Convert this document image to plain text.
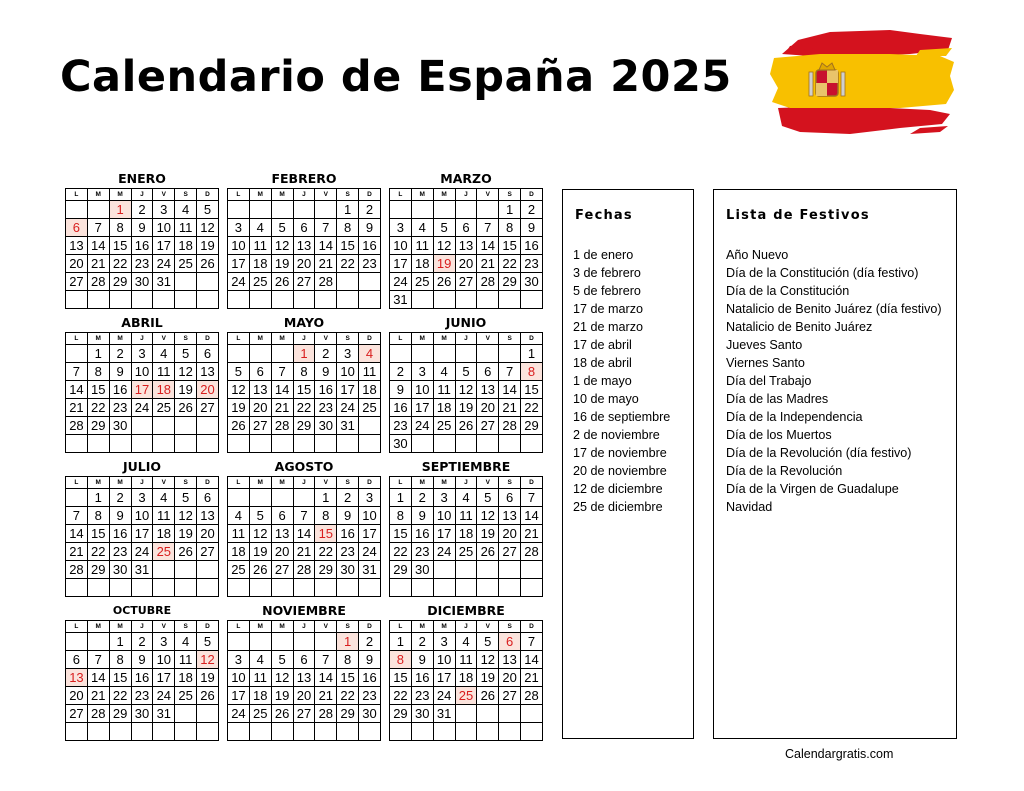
Calendario de España 2025
ENERO
L	M	M	J	V	S	D
		1	2	3	4	5
6	7	8	9	10	11	12
13	14	15	16	17	18	19
20	21	22	23	24	25	26
27	28	29	30	31		

FEBRERO
L	M	M	J	V	S	D
					1	2
3	4	5	6	7	8	9
10	11	12	13	14	15	16
17	18	19	20	21	22	23
24	25	26	27	28		

MARZO
L	M	M	J	V	S	D
					1	2
3	4	5	6	7	8	9
10	11	12	13	14	15	16
17	18	19	20	21	22	23
24	25	26	27	28	29	30
31						
ABRIL
L	M	M	J	V	S	D
	1	2	3	4	5	6
7	8	9	10	11	12	13
14	15	16	17	18	19	20
21	22	23	24	25	26	27
28	29	30				

MAYO
L	M	M	J	V	S	D
			1	2	3	4
5	6	7	8	9	10	11
12	13	14	15	16	17	18
19	20	21	22	23	24	25
26	27	28	29	30	31	

JUNIO
L	M	M	J	V	S	D
						1
2	3	4	5	6	7	8
9	10	11	12	13	14	15
16	17	18	19	20	21	22
23	24	25	26	27	28	29
30						
JULIO
L	M	M	J	V	S	D
	1	2	3	4	5	6
7	8	9	10	11	12	13
14	15	16	17	18	19	20
21	22	23	24	25	26	27
28	29	30	31			

AGOSTO
L	M	M	J	V	S	D
				1	2	3
4	5	6	7	8	9	10
11	12	13	14	15	16	17
18	19	20	21	22	23	24
25	26	27	28	29	30	31

SEPTIEMBRE
L	M	M	J	V	S	D
1	2	3	4	5	6	7
8	9	10	11	12	13	14
15	16	17	18	19	20	21
22	23	24	25	26	27	28
29	30					

OCTUBRE
L	M	M	J	V	S	D
		1	2	3	4	5
6	7	8	9	10	11	12
13	14	15	16	17	18	19
20	21	22	23	24	25	26
27	28	29	30	31		

NOVIEMBRE
L	M	M	J	V	S	D
					1	2
3	4	5	6	7	8	9
10	11	12	13	14	15	16
17	18	19	20	21	22	23
24	25	26	27	28	29	30

DICIEMBRE
L	M	M	J	V	S	D
1	2	3	4	5	6	7
8	9	10	11	12	13	14
15	16	17	18	19	20	21
22	23	24	25	26	27	28
29	30	31				

Fechas
1 de enero
3 de febrero
5 de febrero
17 de marzo
21 de marzo
17 de abril
18 de abril
1 de mayo
10 de mayo
16 de septiembre
2 de noviembre
17 de noviembre
20 de noviembre
12 de diciembre
25 de diciembre
Lista de Festivos
Año Nuevo
Día de la Constitución (día festivo)
Día de la Constitución
Natalicio de Benito Juárez (día festivo)
Natalicio de Benito Juárez
Jueves Santo
Viernes Santo
Día del Trabajo
Día de las Madres
Día de la Independencia
Día de los Muertos
Día de la Revolución (día festivo)
Día de la Revolución
Día de la Virgen de Guadalupe
Navidad
Calendargratis.com
